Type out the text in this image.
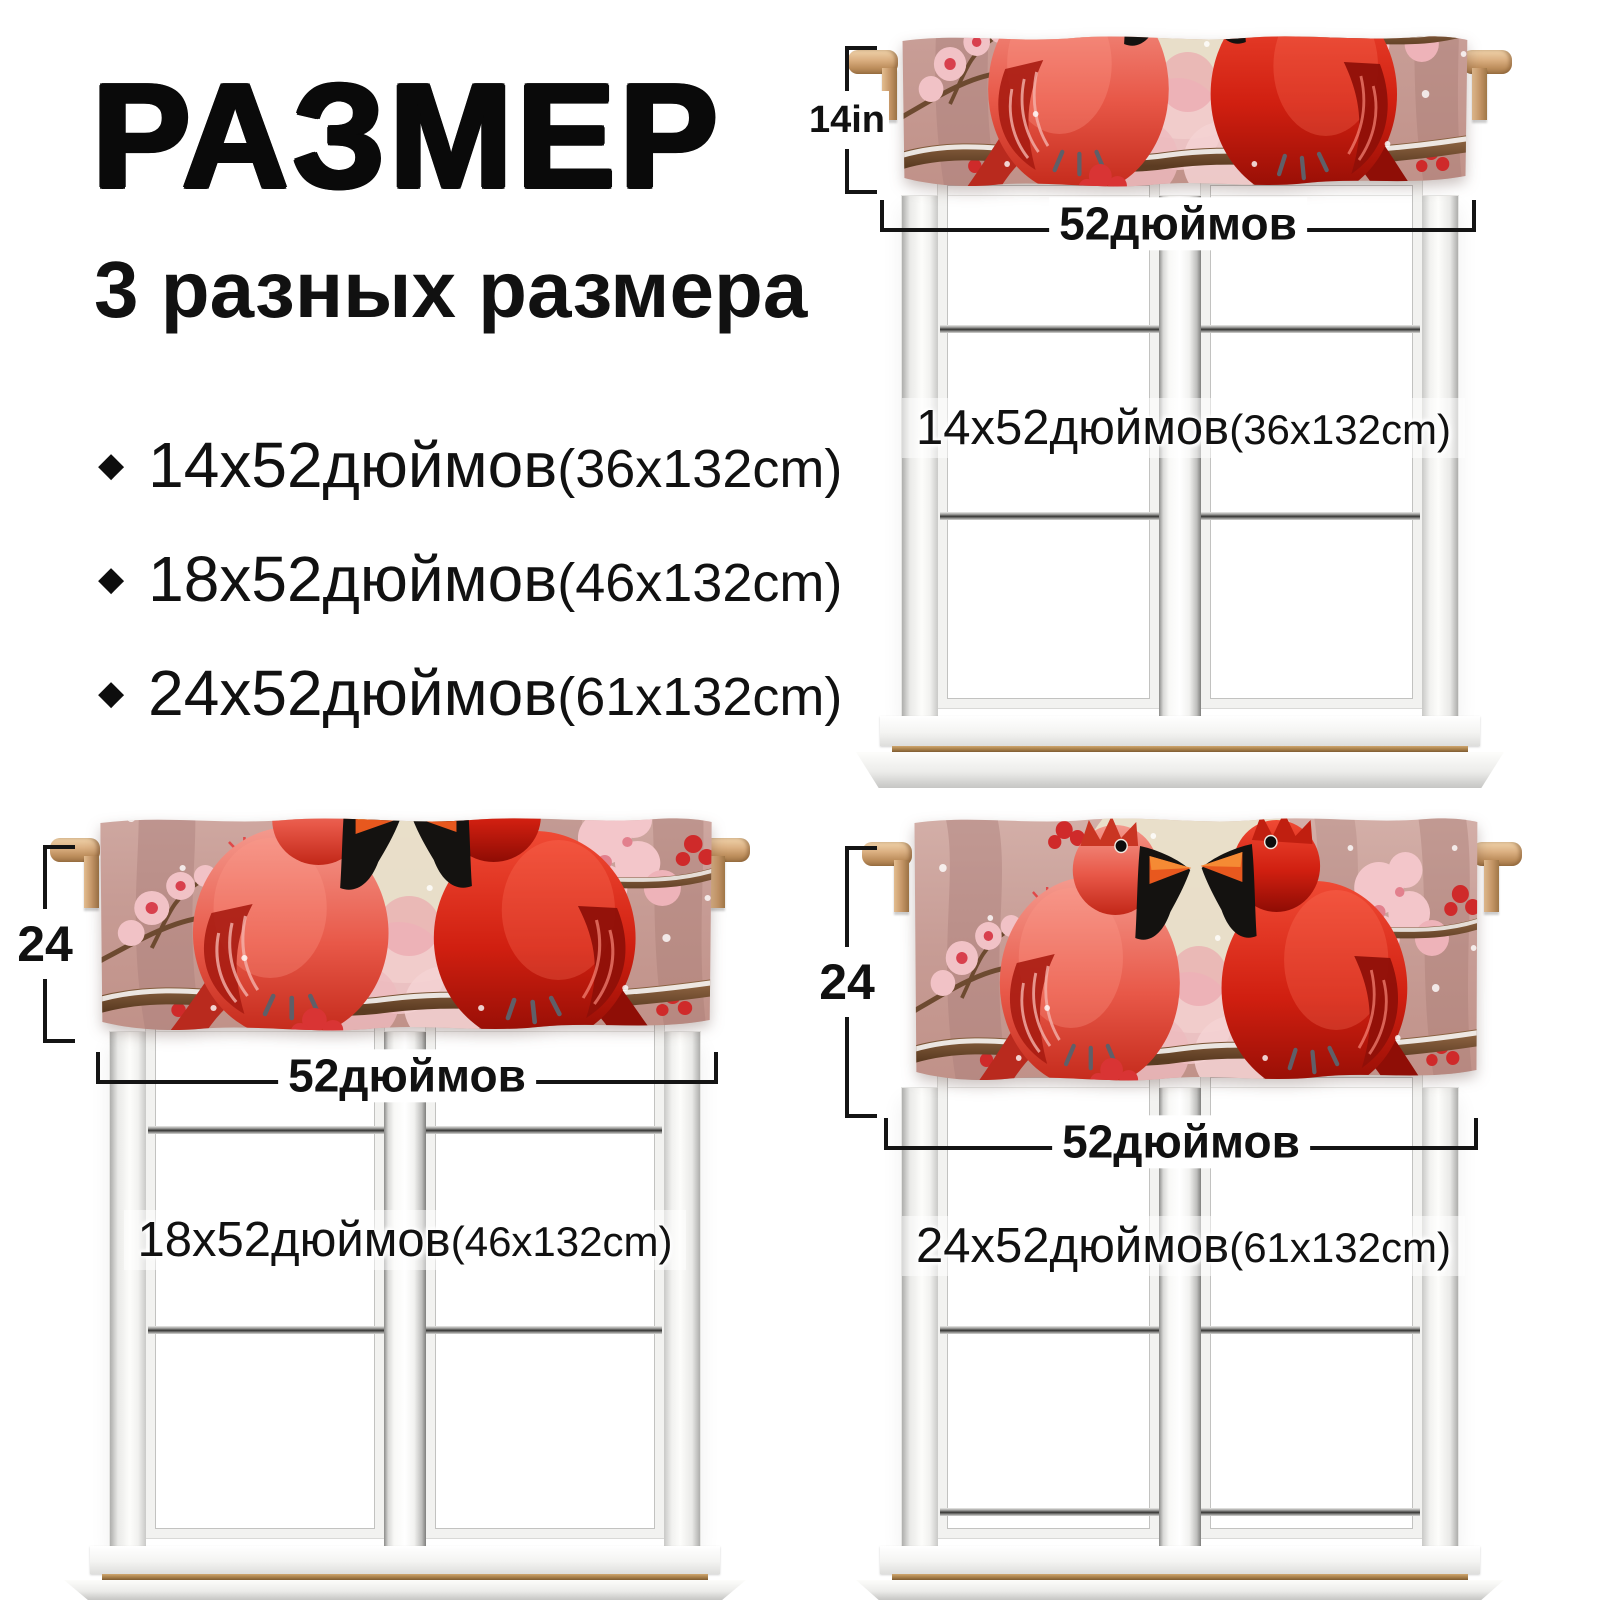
РАЗМЕР
3 разных размера
◆ 14x52дюймов (36x132cm)
◆ 18x52дюймов (46x132cm)
◆ 24x52дюймов (61x132cm)
14x52дюймов(36x132cm)
14in
52дюймов
18x52дюймов(46x132cm)
24
52дюймов
24x52дюймов(61x132cm)
24
52дюймов
